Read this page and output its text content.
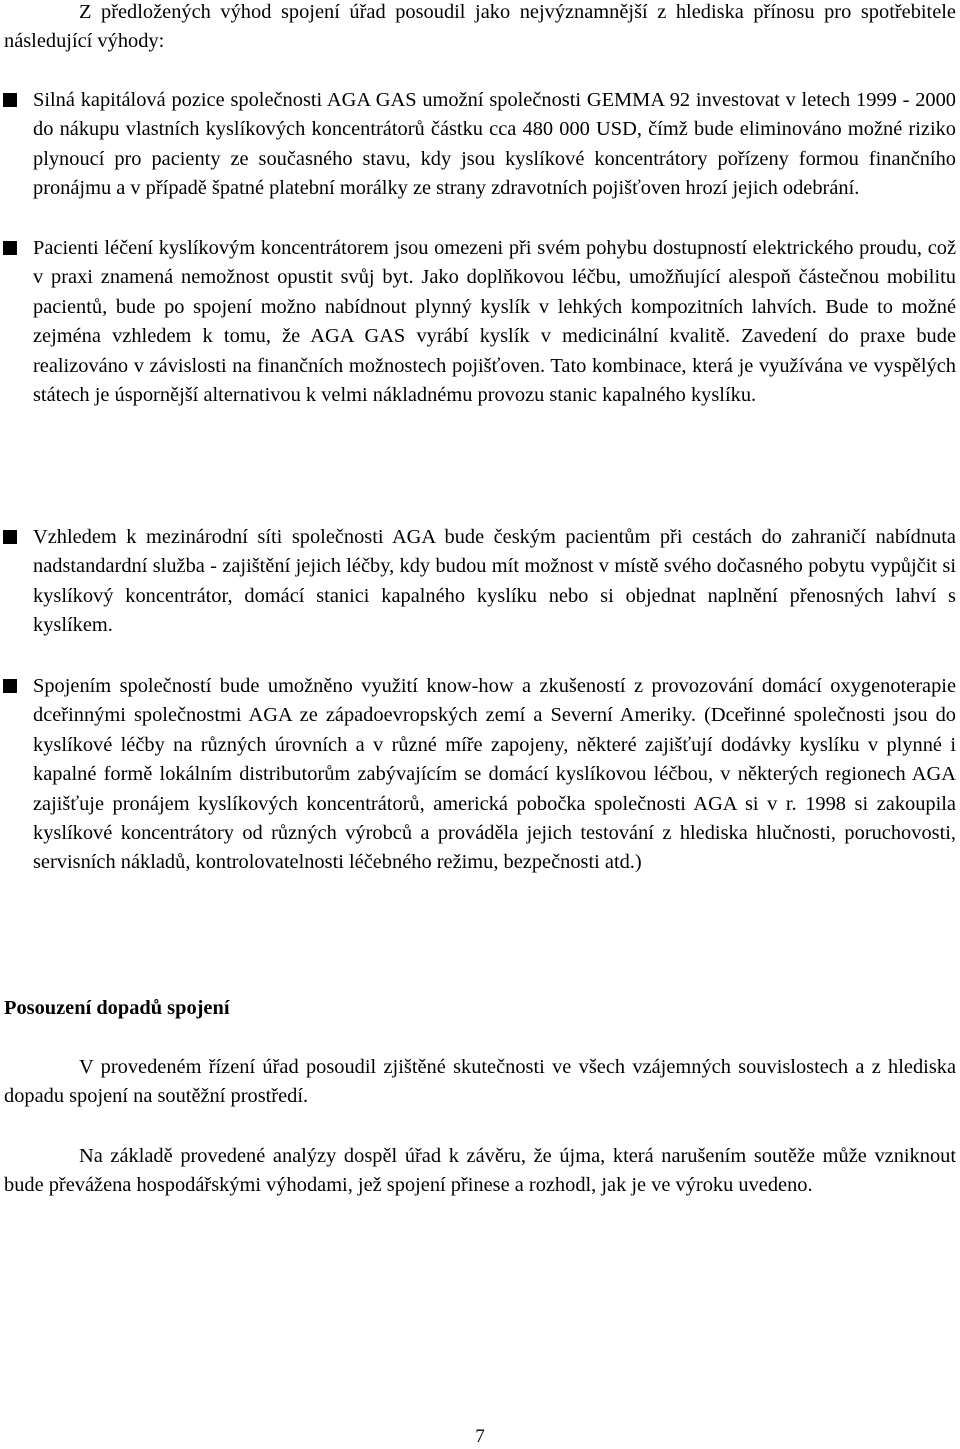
Z předložených výhod spojení úřad posoudil jako nejvýznamnější z hlediska přínosu pro spotřebitele následující výhody:

Silná kapitálová pozice společnosti AGA GAS umožní společnosti GEMMA 92 investovat v letech 1999 - 2000 do nákupu vlastních kyslíkových koncentrátorů částku cca 480 000 USD, čímž bude eliminováno možné riziko plynoucí pro pacienty ze současného stavu, kdy jsou kyslíkové koncentrátory pořízeny formou finančního pronájmu a v případě špatné platební morálky ze strany zdravotních pojišťoven hrozí jejich odebrání.

Pacienti léčení kyslíkovým koncentrátorem jsou omezeni při svém pohybu dostupností elektrického proudu, což v praxi znamená nemožnost opustit svůj byt. Jako doplňkovou léčbu, umožňující alespoň částečnou mobilitu pacientů, bude po spojení možno nabídnout plynný kyslík v lehkých kompozitních lahvích. Bude to možné zejména vzhledem k tomu, že AGA GAS vyrábí kyslík v medicinální kvalitě. Zavedení do praxe bude realizováno v závislosti na finančních možnostech pojišťoven. Tato kombinace, která je využívána ve vyspělých státech je úspornější alternativou k velmi nákladnému provozu stanic kapalného kyslíku.

Vzhledem k mezinárodní síti společnosti AGA bude českým pacientům při cestách do zahraničí nabídnuta nadstandardní služba - zajištění jejich léčby, kdy budou mít možnost v místě svého dočasného pobytu vypůjčit si kyslíkový koncentrátor, domácí stanici kapalného kyslíku nebo si objednat naplnění přenosných lahví s kyslíkem.

Spojením společností bude umožněno využití know-how a zkušeností z provozování domácí oxygenoterapie dceřinnými společnostmi AGA ze západoevropských zemí a Severní Ameriky. (Dceřinné společnosti jsou do kyslíkové léčby na různých úrovních a v různé míře zapojeny, některé zajišťují dodávky kyslíku v plynné i kapalné formě lokálním distributorům zabývajícím se domácí kyslíkovou léčbou, v některých regionech AGA zajišťuje pronájem kyslíkových koncentrátorů, americká pobočka společnosti AGA si v r. 1998 si zakoupila kyslíkové koncentrátory od různých výrobců a prováděla jejich testování z hlediska hlučnosti, poruchovosti, servisních nákladů, kontrolovatelnosti léčebného režimu, bezpečnosti atd.)

Posouzení dopadů spojení

V provedeném řízení úřad posoudil zjištěné skutečnosti ve všech vzájemných souvislostech a z hlediska dopadu spojení na soutěžní prostředí.

Na základě provedené analýzy dospěl úřad k závěru, že újma, která narušením soutěže může vzniknout bude převážena hospodářskými výhodami, jež spojení přinese a rozhodl, jak je ve výroku uvedeno.

7
